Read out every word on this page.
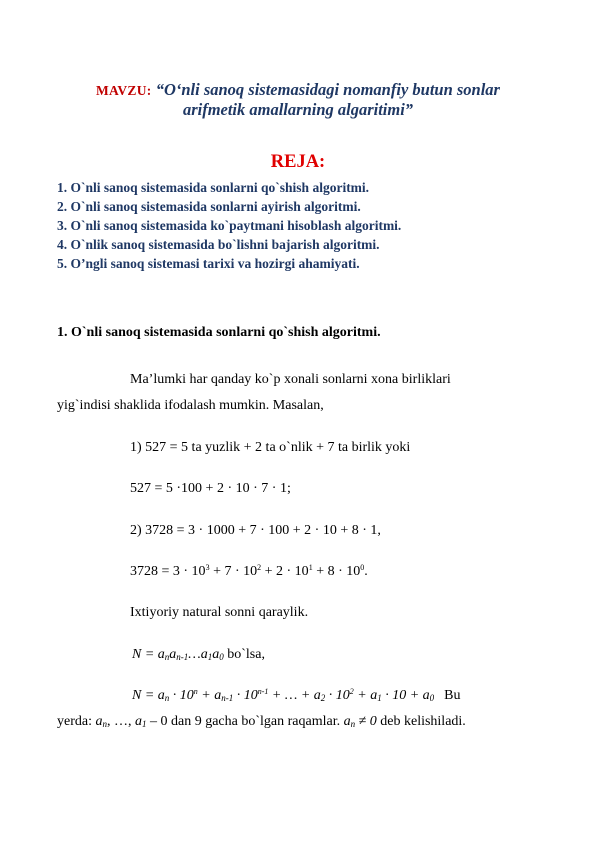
MAVZU: “O‘nli sanoq sistemasidagi nomanfiy butun sonlar
arifmetik amallarning algaritimi”
REJA:
1. O`nli sanoq sistemasida sonlarni qo`shish algoritmi.
2. O`nli sanoq sistemasida sonlarni ayirish algoritmi.
3. O`nli sanoq sistemasida ko`paytmani hisoblash algoritmi.
4. O`nlik sanoq sistemasida bo`lishni bajarish algoritmi.
5. O’ngli sanoq sistemasi tarixi va hozirgi ahamiyati.
1. O`nli sanoq sistemasida sonlarni qo`shish algoritmi.
Ma’lumki har qanday ko`p xonali sonlarni xona birliklari
yig`indisi shaklida ifodalash mumkin. Masalan,
1) 527 = 5 ta yuzlik + 2 ta o`nlik + 7 ta birlik yoki
527 = 5 ·100 + 2 · 10 · 7 · 1;
2) 3728 = 3 · 1000 + 7 · 100 + 2 · 10 + 8 · 1,
$3728 = 3 \cdot 10^3 + 7 \cdot 10^2 + 2 \cdot 10^1 + 8 \cdot 10^0$.
Ixtiyoriy natural sonni qaraylik.
$N = a_na_{n-1}\dots a_1a_0$ bo`lsa,
$N = a_n \cdot 10^n + a_{n-1} \cdot 10^{n-1}$ + … + $a_2 \cdot 10^2 + a_1 \cdot 10 + a_0$ Bu
yerda: $a_n$, …, $a_1 - 0$ dan 9 gacha bo`lgan raqamlar. $a_n \ne 0$ deb kelishiladi.
